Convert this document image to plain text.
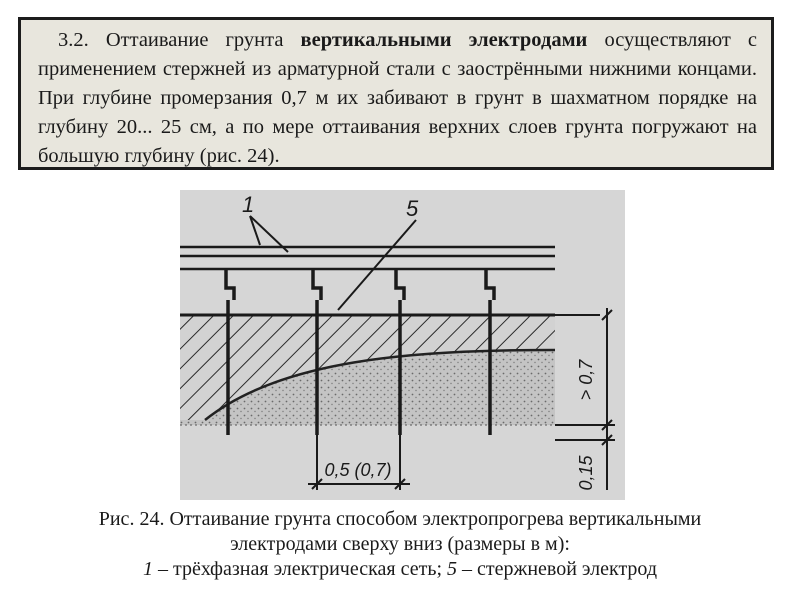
3.2. Оттаивание грунта вертикальными электродами осуществляют с применением стержней из арматурной стали с заострёнными нижними концами. При глубине промерзания 0,7 м их забивают в грунт в шахматном порядке на глубину 20... 25 см, а по мере оттаивания верхних слоев грунта погружают на большую глубину (рис. 24).

1	5
> 0,7
0,15
0,5 (0,7)
Рис. 24. Оттаивание грунта способом электропрогрева вертикальными
электродами сверху вниз (размеры в м):
1 – трёхфазная электрическая сеть; 5 – стержневой электрод
